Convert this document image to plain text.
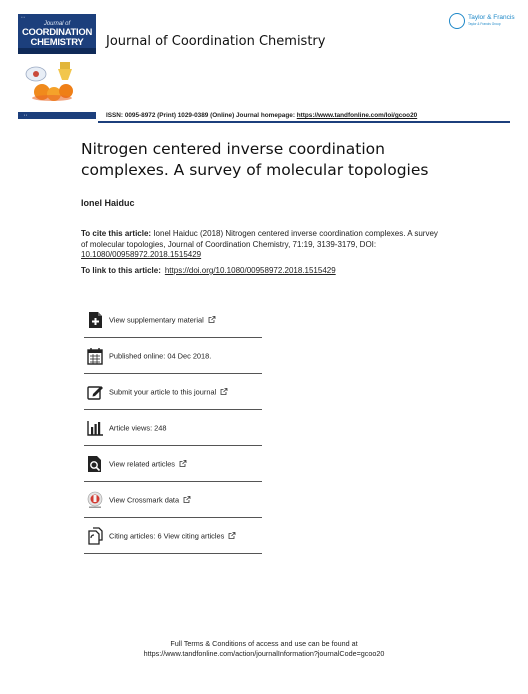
▪ ▪ ▪
Journal of
COORDINATION
CHEMISTRY	Journal of Coordination Chemistry
Taylor & Francis
Taylor & Francis Group
▪ ▪	ISSN: 0095-8972 (Print) 1029-0389 (Online) Journal homepage: https://www.tandfonline.com/loi/gcoo20
Nitrogen centered inverse coordination complexes. A survey of molecular topologies
Ionel Haiduc
To cite this article: Ionel Haiduc (2018) Nitrogen centered inverse coordination complexes. A survey of molecular topologies, Journal of Coordination Chemistry, 71:19, 3139-3179, DOI: 10.1080/00958972.2018.1515429
To link to this article: https://doi.org/10.1080/00958972.2018.1515429
View supplementary material
Published online: 04 Dec 2018.
Submit your article to this journal
Article views: 248
View related articles
View Crossmark data
Citing articles: 6 View citing articles
Full Terms & Conditions of access and use can be found at
https://www.tandfonline.com/action/journalInformation?journalCode=gcoo20
